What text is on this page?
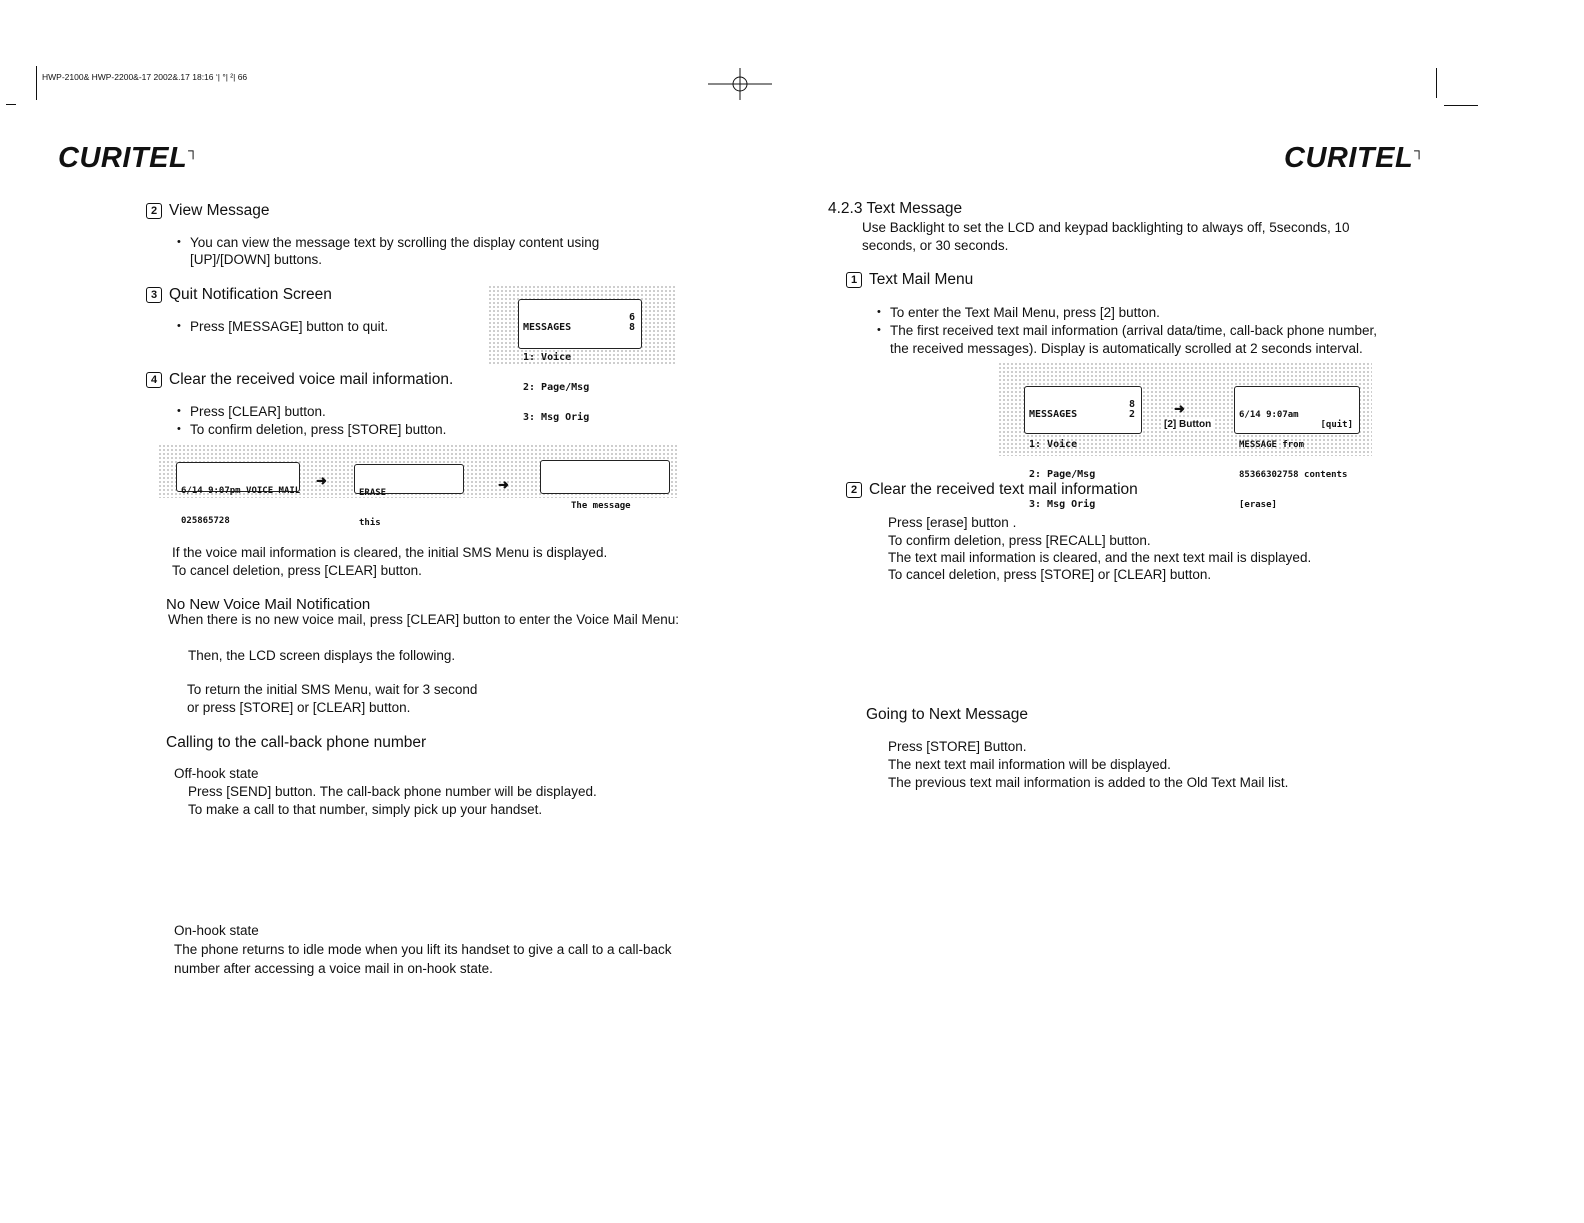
HWP-2100& HWP-2200&-17 2002&.17 18:16 ‘| °| ²| 66
CURITEL┐	CURITEL┐
2 View Message
• You can view the message text by scrolling the display content using
[UP]/[DOWN] buttons.
3 Quit Notification Screen
• Press [MESSAGE] button to quit.

	MESSAGES

1: Voice

2: Page/Msg

3: Msg Orig

6

8

4 Clear the received voice mail information.
• Press [CLEAR] button.
• To confirm deletion, press [STORE] button.

6/14 9:07pm VOICE MAIL

025865728

➜

ERASE

this

➜

The message

If the voice mail information is cleared, the initial SMS Menu is displayed.
To cancel deletion, press [CLEAR] button.
No New Voice Mail Notification
When there is no new voice mail, press [CLEAR] button to enter the Voice Mail Menu:
Then, the LCD screen displays the following.
To return the initial SMS Menu, wait for 3 second
or press [STORE] or [CLEAR] button.
Calling to the call-back phone number
Off-hook state
Press [SEND] button. The call-back phone number will be displayed.
To make a call to that number, simply pick up your handset.
On-hook state
The phone returns to idle mode when you lift its handset to give a call to a call-back
number after accessing a voice mail in on-hook state.
4.2.3 Text Message
Use Backlight to set the LCD and keypad backlighting to always off, 5seconds, 10
seconds, or 30 seconds.
1 Text Mail Menu
• To enter the Text Mail Menu, press [2] button.
• The first received text mail information (arrival data/time, call-back phone number,
the received messages). Display is automatically scrolled at 2 seconds interval.

MESSAGES

1: Voice

2: Page/Msg

3: Msg Orig

8

2

	➜
[2] Button

6/14 9:07am

MESSAGE from

85366302758 contents

[erase]

[quit]

2 Clear the received text mail information
Press [erase] button .
To confirm deletion, press [RECALL] button.
The text mail information is cleared, and the next text mail is displayed.
To cancel deletion, press [STORE] or [CLEAR] button.
Going to Next Message
Press [STORE] Button.
The next text mail information will be displayed.
The previous text mail information is added to the Old Text Mail list.
